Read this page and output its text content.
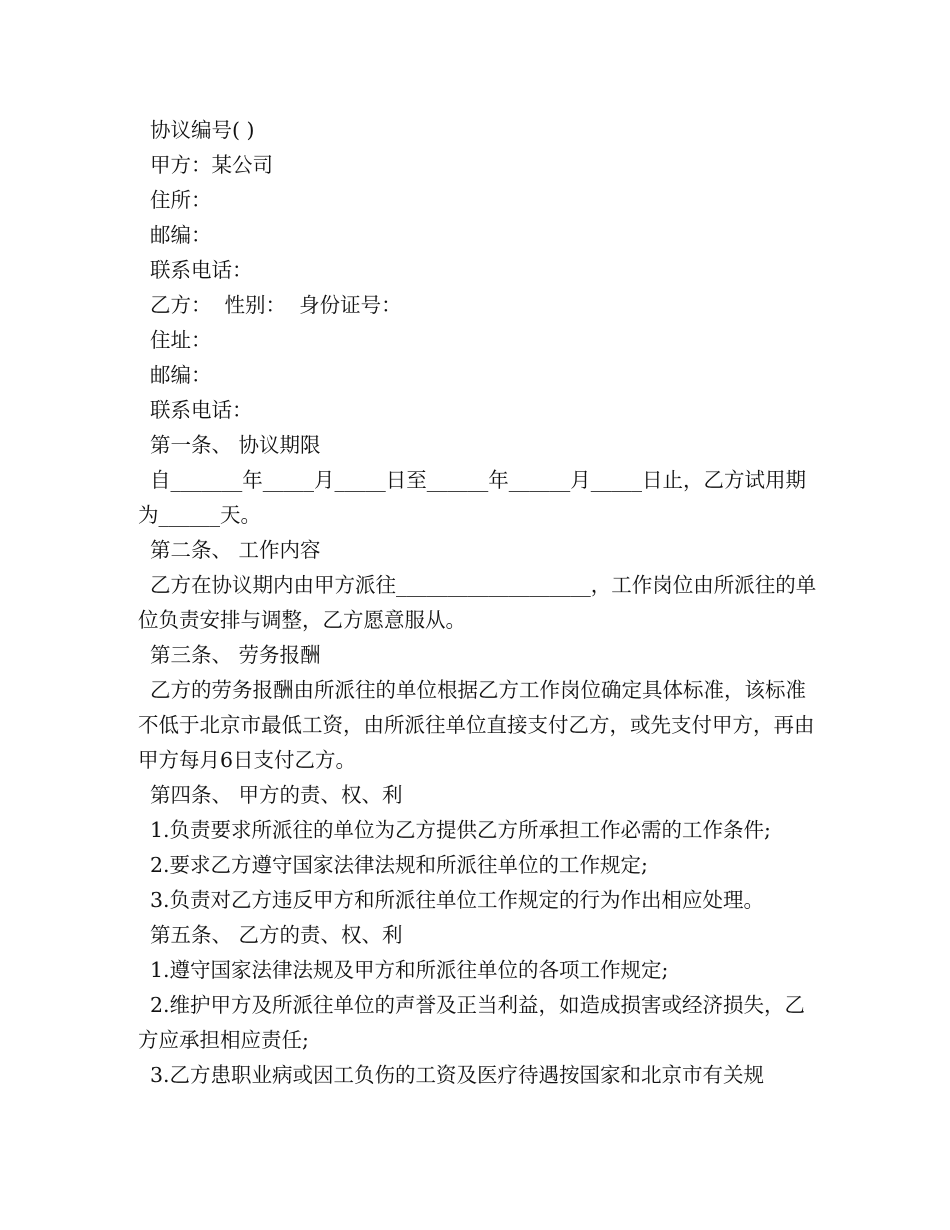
协议编号( )

甲方：某公司

住所：

邮编：

联系电话：

乙方：  性别：  身份证号：

住址：

邮编：

联系电话：

第一条、 协议期限

自_______年_____月_____日至______年______月_____日止，乙方试用期为______天。

第二条、 工作内容

乙方在协议期内由甲方派往___________________，工作岗位由所派往的单位负责安排与调整，乙方愿意服从。

第三条、 劳务报酬

乙方的劳务报酬由所派往的单位根据乙方工作岗位确定具体标准，该标准不低于北京市最低工资，由所派往单位直接支付乙方，或先支付甲方，再由甲方每月6日支付乙方。

第四条、 甲方的责、权、利

1.负责要求所派往的单位为乙方提供乙方所承担工作必需的工作条件;

2.要求乙方遵守国家法律法规和所派往单位的工作规定;

3.负责对乙方违反甲方和所派往单位工作规定的行为作出相应处理。

第五条、 乙方的责、权、利

1.遵守国家法律法规及甲方和所派往单位的各项工作规定;

2.维护甲方及所派往单位的声誉及正当利益，如造成损害或经济损失，乙方应承担相应责任;

3.乙方患职业病或因工负伤的工资及医疗待遇按国家和北京市有关规
